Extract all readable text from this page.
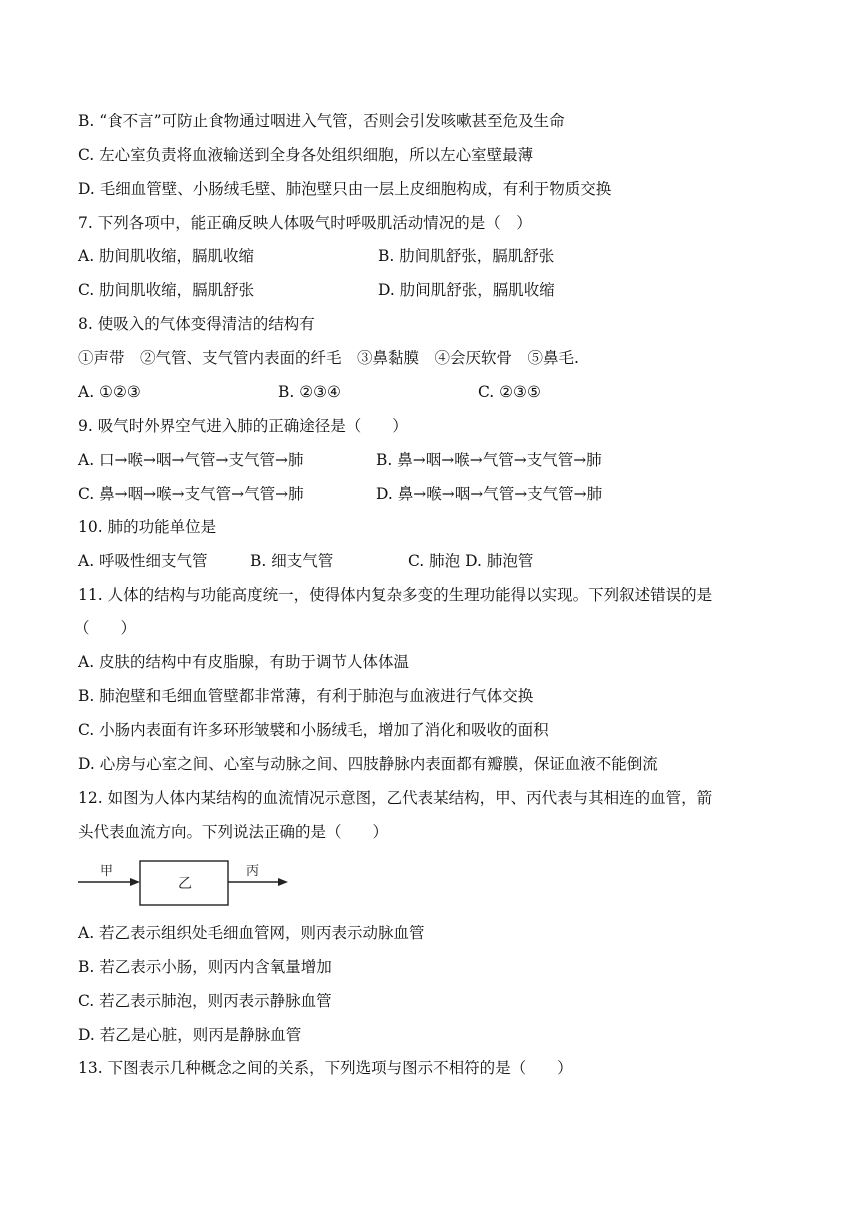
B. “食不言”可防止食物通过咽进入气管，否则会引发咳嗽甚至危及生命
C. 左心室负责将血液输送到全身各处组织细胞，所以左心室壁最薄
D. 毛细血管壁、小肠绒毛壁、肺泡壁只由一层上皮细胞构成，有利于物质交换
7. 下列各项中，能正确反映人体吸气时呼吸肌活动情况的是（　）
A. 肋间肌收缩，膈肌收缩	B. 肋间肌舒张，膈肌舒张
C. 肋间肌收缩，膈肌舒张	D. 肋间肌舒张，膈肌收缩
8. 使吸入的气体变得清洁的结构有
①声带　②气管、支气管内表面的纤毛　③鼻黏膜　④会厌软骨　⑤鼻毛.
A. ①②③	B. ②③④	C. ②③⑤
9. 吸气时外界空气进入肺的正确途径是（　　）
A. 口→喉→咽→气管→支气管→肺	B. 鼻→咽→喉→气管→支气管→肺
C. 鼻→咽→喉→支气管→气管→肺	D. 鼻→喉→咽→气管→支气管→肺
10. 肺的功能单位是
A. 呼吸性细支气管	B. 细支气管	C. 肺泡 D. 肺泡管
11. 人体的结构与功能高度统一，使得体内复杂多变的生理功能得以实现。下列叙述错误的是
（　　）
A. 皮肤的结构中有皮脂腺，有助于调节人体体温
B. 肺泡壁和毛细血管壁都非常薄，有利于肺泡与血液进行气体交换
C. 小肠内表面有许多环形皱襞和小肠绒毛，增加了消化和吸收的面积
D. 心房与心室之间、心室与动脉之间、四肢静脉内表面都有瓣膜，保证血液不能倒流
12. 如图为人体内某结构的血流情况示意图，乙代表某结构，甲、丙代表与其相连的血管，箭
头代表血流方向。下列说法正确的是（　　）
甲
乙
丙
A. 若乙表示组织处毛细血管网，则丙表示动脉血管
B. 若乙表示小肠，则丙内含氧量增加
C. 若乙表示肺泡，则丙表示静脉血管
D. 若乙是心脏，则丙是静脉血管
13. 下图表示几种概念之间的关系，下列选项与图示不相符的是（　　）
